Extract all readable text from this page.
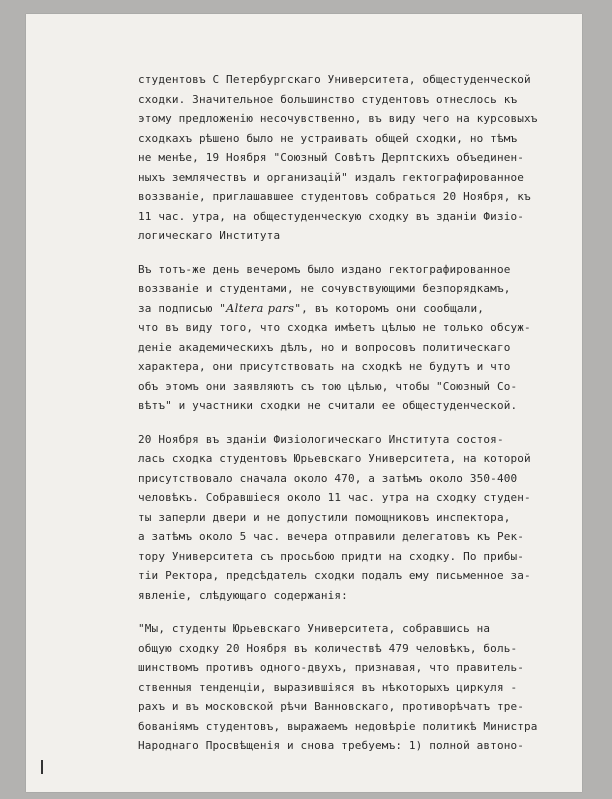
студентовъ С Петербургскаго Университета, общестуденческой
сходки. Значительное большинство студентовъ отнеслось къ
этому предложенію несочувственно, въ виду чего на курсовыхъ
сходкахъ рѣшено было не устраивать общей сходки, но тѣмъ
не менѣе, 19 Ноября "Союзный Совѣтъ Дерптскихъ объединен-
ныхъ землячествъ и организацій" издалъ гектографированное
воззваніе, приглашавшее студентовъ собраться 20 Ноября, къ
11 час. утра, на общестуденческую сходку въ зданіи Физіо-
логическаго Института
Въ тотъ-же день вечеромъ было издано гектографированное
воззваніе и студентами, не сочувствующими безпорядкамъ,
за подписью "Altera pars", въ которомъ они сообщали,
что въ виду того, что сходка имѣетъ цѣлью не только обсуж-
деніе академическихъ дѣлъ, но и вопросовъ политическаго
характера, они присутствовать на сходкѣ не будутъ и что
объ этомъ они заявляютъ съ тою цѣлью, чтобы "Союзный Со-
вѣтъ" и участники сходки не считали ее общестуденческой.
20 Ноября въ зданіи Физіологическаго Института состоя-
лась сходка студентовъ Юрьевскаго Университета, на которой
присутствовало сначала около 470, а затѣмъ около 350-400
человѣкъ. Собравшіеся около 11 час. утра на сходку студен-
ты заперли двери и не допустили помощниковъ инспектора,
а затѣмъ около 5 час. вечера отправили делегатовъ къ Рек-
тору Университета съ просьбою придти на сходку. По прибы-
тіи Ректора, предсѣдатель сходки подалъ ему письменное за-
явленіе, слѣдующаго содержанія:
"Мы, студенты Юрьевскаго Университета, собравшись на
общую сходку 20 Ноября въ количествѣ 479 человѣкъ, боль-
шинствомъ противъ одного-двухъ, признавая, что правитель-
ственныя тенденціи, выразившіяся въ нѣкоторыхъ циркуля -
рахъ и въ московской рѣчи Ванновскаго, противорѣчатъ тре-
бованіямъ студентовъ, выражаемъ недовѣріе политикѣ Министра
Народнаго Просвѣщенія и снова требуемъ: 1) полной автоно-
